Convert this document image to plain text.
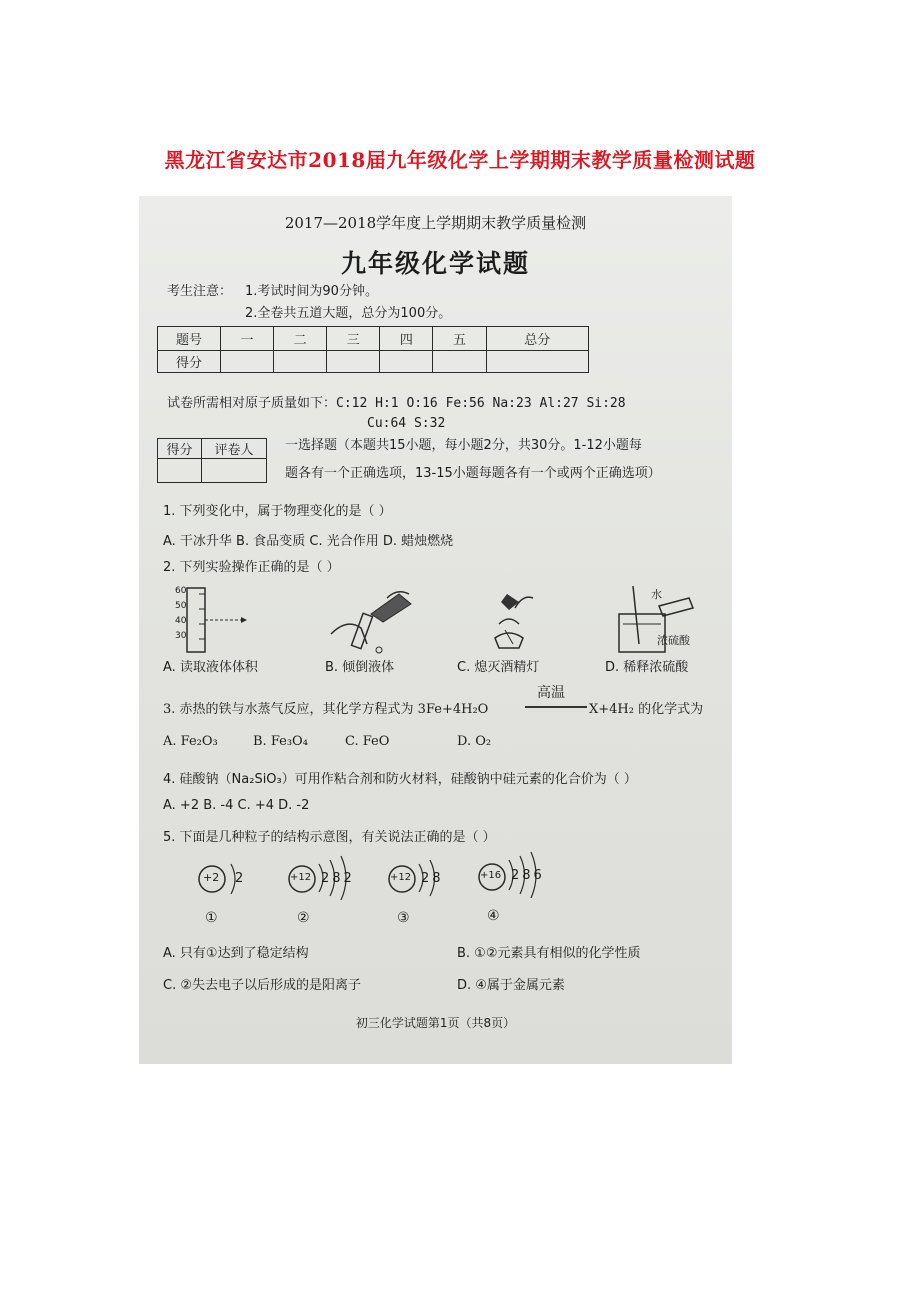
黑龙江省安达市2018届九年级化学上学期期末教学质量检测试题
2017—2018学年度上学期期末教学质量检测
九年级化学试题
考生注意： 1.考试时间为90分钟。
2.全卷共五道大题，总分为100分。
题号	一	二	三	四	五	总分
得分						
试卷所需相对原子质量如下：C:12 H:1 O:16 Fe:56 Na:23 Al:27 Si:28
Cu:64 S:32
得分	评卷人
	一选择题（本题共15小题，每小题2分，共30分。1-12小题每
题各有一个正确选项，13-15小题每题各有一个或两个正确选项）
1. 下列变化中，属于物理变化的是（ ）
A. 干冰升华 B. 食品变质 C. 光合作用 D. 蜡烛燃烧
2. 下列实验操作正确的是（ ）
60
50
40
30
水
浓硫酸
A. 读取液体体积	B. 倾倒液体	C. 熄灭酒精灯	D. 稀释浓硫酸
3. 赤热的铁与水蒸气反应，其化学方程式为 3Fe+4H₂O
高温
X+4H₂ 的化学式为
A. Fe₂O₃	B. Fe₃O₄	C. FeO	D. O₂
4. 硅酸钠（Na₂SiO₃）可用作粘合剂和防火材料，硅酸钠中硅元素的化合价为（ ）
A. +2 B. -4 C. +4 D. -2
5. 下面是几种粒子的结构示意图，有关说法正确的是（ ）
+2 2
①
+12 282
②
+12 28
③
+16 286
④
A. 只有①达到了稳定结构	B. ①②元素具有相似的化学性质
C. ②失去电子以后形成的是阳离子	D. ④属于金属元素
初三化学试题第1页（共8页）
